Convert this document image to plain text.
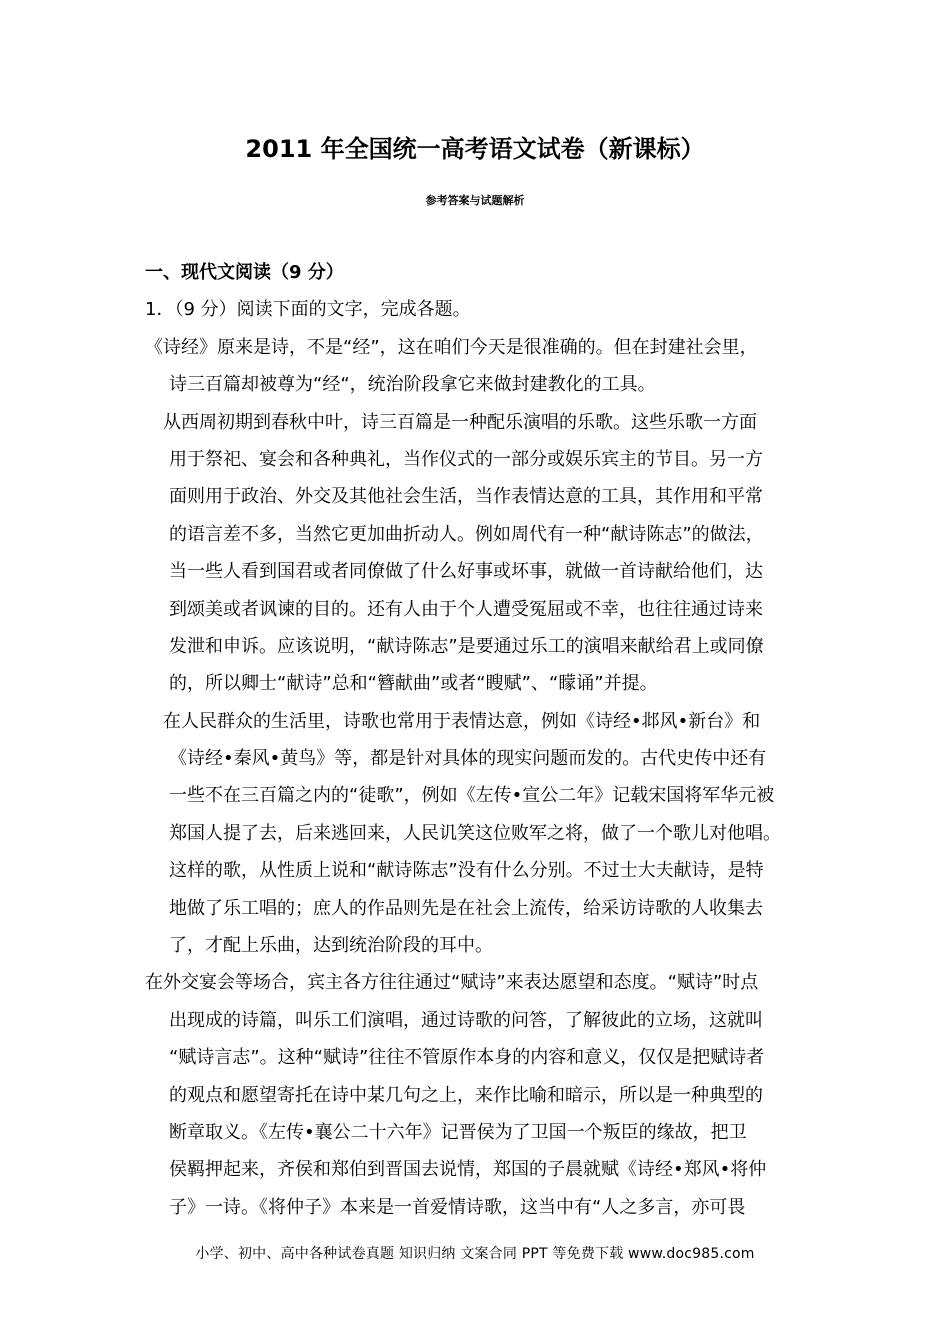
2011 年全国统一高考语文试卷（新课标）
参考答案与试题解析
一、现代文阅读（9 分）
1．（9 分）阅读下面的文字，完成各题。
《诗经》原来是诗，不是“经”，这在咱们今天是很准确的。但在封建社会里，
诗三百篇却被尊为“经“，统治阶段拿它来做封建教化的工具。
从西周初期到春秋中叶，诗三百篇是一种配乐演唱的乐歌。这些乐歌一方面
用于祭祀、宴会和各种典礼，当作仪式的一部分或娱乐宾主的节目。另一方
面则用于政治、外交及其他社会生活，当作表情达意的工具，其作用和平常
的语言差不多，当然它更加曲折动人。例如周代有一种“献诗陈志”的做法，
当一些人看到国君或者同僚做了什么好事或坏事，就做一首诗献给他们，达
到颂美或者讽谏的目的。还有人由于个人遭受冤屈或不幸，也往往通过诗来
发泄和申诉。应该说明，“献诗陈志”是要通过乐工的演唱来献给君上或同僚
的，所以卿士“献诗”总和“簪献曲”或者“瞍赋”、“矇诵”并提。
在人民群众的生活里，诗歌也常用于表情达意，例如《诗经•邶风•新台》和
《诗经•秦风•黄鸟》等，都是针对具体的现实问题而发的。古代史传中还有
一些不在三百篇之内的“徒歌”，例如《左传•宣公二年》记载宋国将军华元被
郑国人提了去，后来逃回来，人民讥笑这位败军之将，做了一个歌儿对他唱。
这样的歌，从性质上说和“献诗陈志”没有什么分别。不过士大夫献诗，是特
地做了乐工唱的；庶人的作品则先是在社会上流传，给采访诗歌的人收集去
了，才配上乐曲，达到统治阶段的耳中。
在外交宴会等场合，宾主各方往往通过“赋诗”来表达愿望和态度。“赋诗”时点
出现成的诗篇，叫乐工们演唱，通过诗歌的问答，了解彼此的立场，这就叫
“赋诗言志”。这种“赋诗”往往不管原作本身的内容和意义，仅仅是把赋诗者
的观点和愿望寄托在诗中某几句之上，来作比喻和暗示，所以是一种典型的
断章取义。《左传•襄公二十六年》记晋侯为了卫国一个叛臣的缘故，把卫
侯羁押起来，齐侯和郑伯到晋国去说情，郑国的子晨就赋《诗经•郑风•将仲
子》一诗。《将仲子》本来是一首爱情诗歌，这当中有“人之多言，亦可畏
小学、初中、高中各种试卷真题 知识归纳 文案合同 PPT 等免费下载 www.doc985.com
